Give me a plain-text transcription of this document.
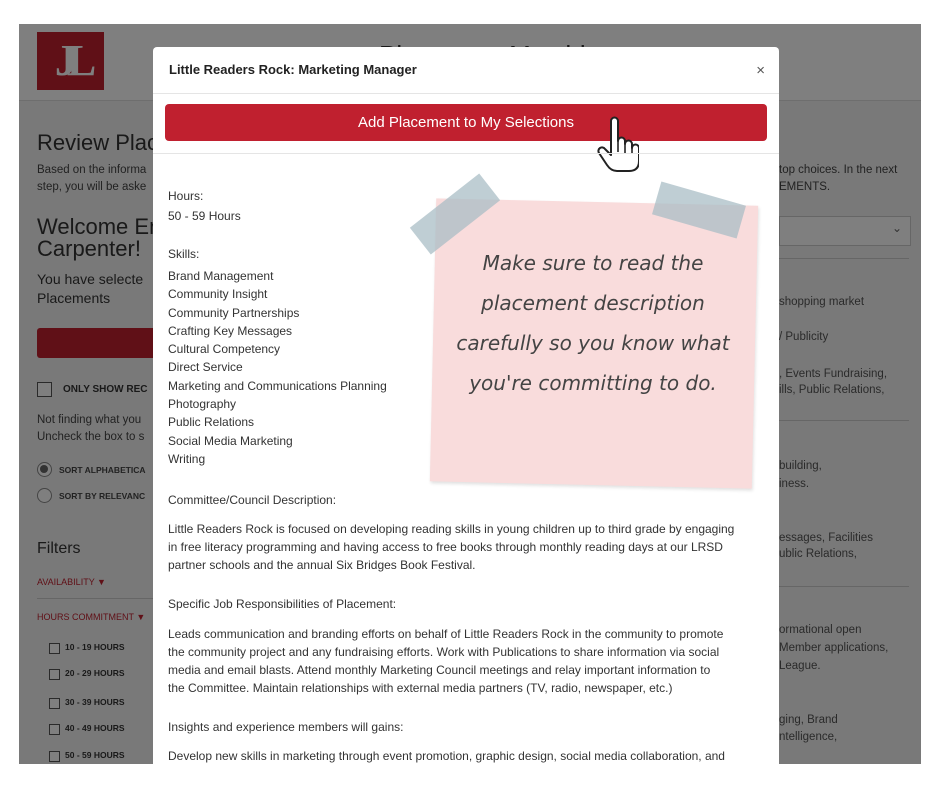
Little Readers Rock: Marketing Manager	×
Add Placement to My Selections
Hours:
50 - 59 Hours
Skills:
Brand Management
Community Insight
Community Partnerships
Crafting Key Messages
Cultural Competency
Direct Service
Marketing and Communications Planning
Photography
Public Relations
Social Media Marketing
Writing
Make sure to read the
placement description
carefully so you know what
you're committing to do.
Committee/Council Description:
Little Readers Rock is focused on developing reading skills in young children up to third grade by engaging
in free literacy programming and having access to free books through monthly reading days at our LRSD
partner schools and the annual Six Bridges Book Festival.
Specific Job Responsibilities of Placement:
Leads communication and branding efforts on behalf of Little Readers Rock in the community to promote
the community project and any fundraising efforts. Work with Publications to share information via social
media and email blasts. Attend monthly Marketing Council meetings and relay important information to
the Committee. Maintain relationships with external media partners (TV, radio, newspaper, etc.)
Insights and experience members will gains:
Develop new skills in marketing through event promotion, graphic design, social media collaboration, and
